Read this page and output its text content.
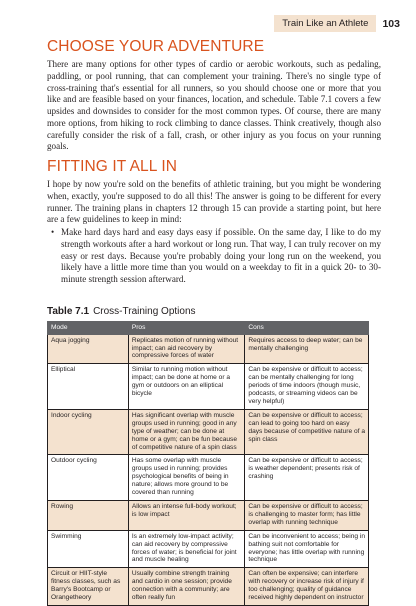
Train Like an Athlete	103
CHOOSE YOUR ADVENTURE

There are many options for other types of cardio or aerobic workouts, such as pedaling, paddling, or pool running, that can complement your training. There's no single type of cross-training that's essential for all runners, so you should choose one or more that you like and are feasible based on your finances, location, and schedule. Table 7.1 covers a few upsides and downsides to consider for the most common types. Of course, there are many more options, from hiking to rock climbing to dance classes. Think creatively, though also carefully consider the risk of a fall, crash, or other injury as you focus on your running goals.

FITTING IT ALL IN

I hope by now you're sold on the benefits of athletic training, but you might be wondering when, exactly, you're supposed to do all this! The answer is going to be different for every runner. The training plans in chapters 12 through 15 can provide a starting point, but here are a few guidelines to keep in mind:

• Make hard days hard and easy days easy if possible. On the same day, I like to do my strength workouts after a hard workout or long run. That way, I can truly recover on my easy or rest days. Because you're probably doing your long run on the weekend, you likely have a little more time than you would on a weekday to fit in a quick 20- to 30-minute strength session afterward.
Table 7.1 Cross-Training Options
Mode	Pros	Cons
Aqua jogging	Replicates motion of running without impact; can aid recovery by compressive forces of water	Requires access to deep water; can be mentally challenging
Elliptical	Similar to running motion without impact; can be done at home or a gym or outdoors on an elliptical bicycle	Can be expensive or difficult to access; can be mentally challenging for long periods of time indoors (though music, podcasts, or streaming videos can be very helpful)
Indoor cycling	Has significant overlap with muscle groups used in running; good in any type of weather; can be done at home or a gym; can be fun because of competitive nature of a spin class	Can be expensive or difficult to access; can lead to going too hard on easy days because of competitive nature of a spin class
Outdoor cycling	Has some overlap with muscle groups used in running; provides psychological benefits of being in nature; allows more ground to be covered than running	Can be expensive or difficult to access; is weather dependent; presents risk of crashing
Rowing	Allows an intense full-body workout; is low impact	Can be expensive or difficult to access; is challenging to master form; has little overlap with running technique
Swimming	Is an extremely low-impact activity; can aid recovery by compressive forces of water; is beneficial for joint and muscle healing	Can be inconvenient to access; being in bathing suit not comfortable for everyone; has little overlap with running technique
Circuit or HIIT-style fitness classes, such as Barry's Bootcamp or Orangetheory	Usually combine strength training and cardio in one session; provide connection with a community; are often really fun	Can often be expensive; can interfere with recovery or increase risk of injury if too challenging; quality of guidance received highly dependent on instructor
